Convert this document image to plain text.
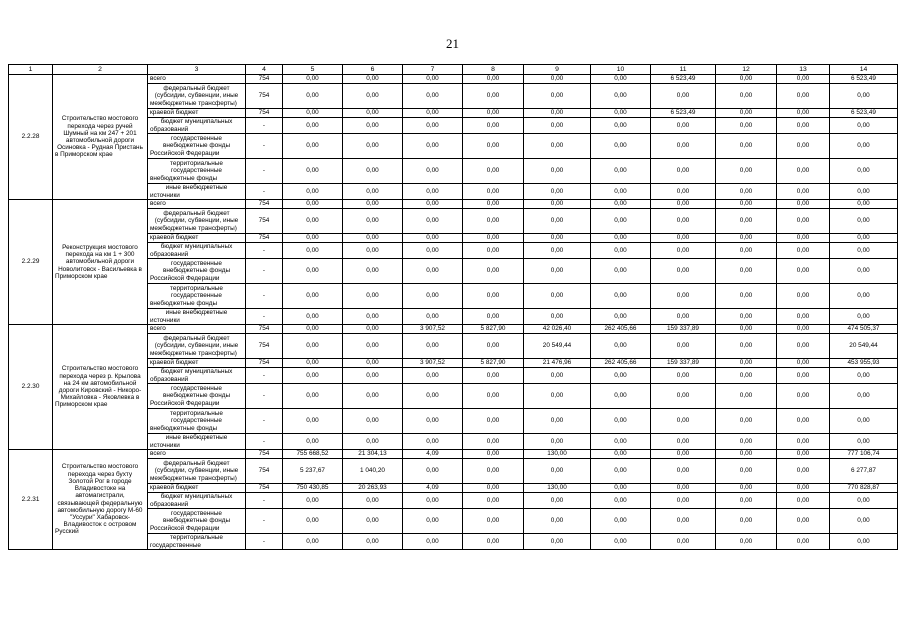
21
1	2	3	4	5	6	7	8	9	10	11	12	13	14
2.2.28	Строительство мостового перехода через ручей Шумный на км 247 + 201 автомобильной дороги Осиновка - Рудная Пристань в Приморском крае	всего	754	0,00	0,00	0,00	0,00	0,00	0,00	6 523,49	0,00	0,00	6 523,49
		федеральный бюджет (субсидии, субвенции, иные межбюджетные трансферты)	754	0,00	0,00	0,00	0,00	0,00	0,00	0,00	0,00	0,00	0,00
		краевой бюджет	754	0,00	0,00	0,00	0,00	0,00	0,00	6 523,49	0,00	0,00	6 523,49
		бюджет муниципальных образований	-	0,00	0,00	0,00	0,00	0,00	0,00	0,00	0,00	0,00	0,00
		государственные внебюджетные фонды Российской Федерации	-	0,00	0,00	0,00	0,00	0,00	0,00	0,00	0,00	0,00	0,00
		территориальные государственные внебюджетные фонды	-	0,00	0,00	0,00	0,00	0,00	0,00	0,00	0,00	0,00	0,00
		иные внебюджетные источники	-	0,00	0,00	0,00	0,00	0,00	0,00	0,00	0,00	0,00	0,00
2.2.29	Реконструкция мостового перехода на км 1 + 300 автомобильной дороги Новолитовск - Васильевка в Приморском крае	всего	754	0,00	0,00	0,00	0,00	0,00	0,00	0,00	0,00	0,00	0,00
		федеральный бюджет (субсидии, субвенции, иные межбюджетные трансферты)	754	0,00	0,00	0,00	0,00	0,00	0,00	0,00	0,00	0,00	0,00
		краевой бюджет	754	0,00	0,00	0,00	0,00	0,00	0,00	0,00	0,00	0,00	0,00
		бюджет муниципальных образований	-	0,00	0,00	0,00	0,00	0,00	0,00	0,00	0,00	0,00	0,00
		государственные внебюджетные фонды Российской Федерации	-	0,00	0,00	0,00	0,00	0,00	0,00	0,00	0,00	0,00	0,00
		территориальные государственные внебюджетные фонды	-	0,00	0,00	0,00	0,00	0,00	0,00	0,00	0,00	0,00	0,00
		иные внебюджетные источники	-	0,00	0,00	0,00	0,00	0,00	0,00	0,00	0,00	0,00	0,00
2.2.30	Строительство мостового перехода через р. Крылова на 24 км автомобильной дороги Кировский - Никоро-Михайловка - Яковлевка в Приморском крае	всего	754	0,00	0,00	3 907,52	5 827,90	42 026,40	262 405,66	159 337,89	0,00	0,00	474 505,37
		федеральный бюджет (субсидии, субвенции, иные межбюджетные трансферты)	754	0,00	0,00	0,00	0,00	20 549,44	0,00	0,00	0,00	0,00	20 549,44
		краевой бюджет	754	0,00	0,00	3 907,52	5 827,90	21 476,96	262 405,66	159 337,89	0,00	0,00	453 955,93
		бюджет муниципальных образований	-	0,00	0,00	0,00	0,00	0,00	0,00	0,00	0,00	0,00	0,00
		государственные внебюджетные фонды Российской Федерации	-	0,00	0,00	0,00	0,00	0,00	0,00	0,00	0,00	0,00	0,00
		территориальные государственные внебюджетные фонды	-	0,00	0,00	0,00	0,00	0,00	0,00	0,00	0,00	0,00	0,00
		иные внебюджетные источники	-	0,00	0,00	0,00	0,00	0,00	0,00	0,00	0,00	0,00	0,00
2.2.31	Строительство мостового перехода через бухту Золотой Рог в городе Владивостоке на автомагистрали, связывающей федеральную автомобильную дорогу М-60 "Уссури" Хабаровск-Владивосток с островом Русский	всего	754	755 668,52	21 304,13	4,09	0,00	130,00	0,00	0,00	0,00	0,00	777 106,74
		федеральный бюджет (субсидии, субвенции, иные межбюджетные трансферты)	754	5 237,67	1 040,20	0,00	0,00	0,00	0,00	0,00	0,00	0,00	6 277,87
		краевой бюджет	754	750 430,85	20 263,93	4,09	0,00	130,00	0,00	0,00	0,00	0,00	770 828,87
		бюджет муниципальных образований	-	0,00	0,00	0,00	0,00	0,00	0,00	0,00	0,00	0,00	0,00
		государственные внебюджетные фонды Российской Федерации	-	0,00	0,00	0,00	0,00	0,00	0,00	0,00	0,00	0,00	0,00
		территориальные государственные	-	0,00	0,00	0,00	0,00	0,00	0,00	0,00	0,00	0,00	0,00
